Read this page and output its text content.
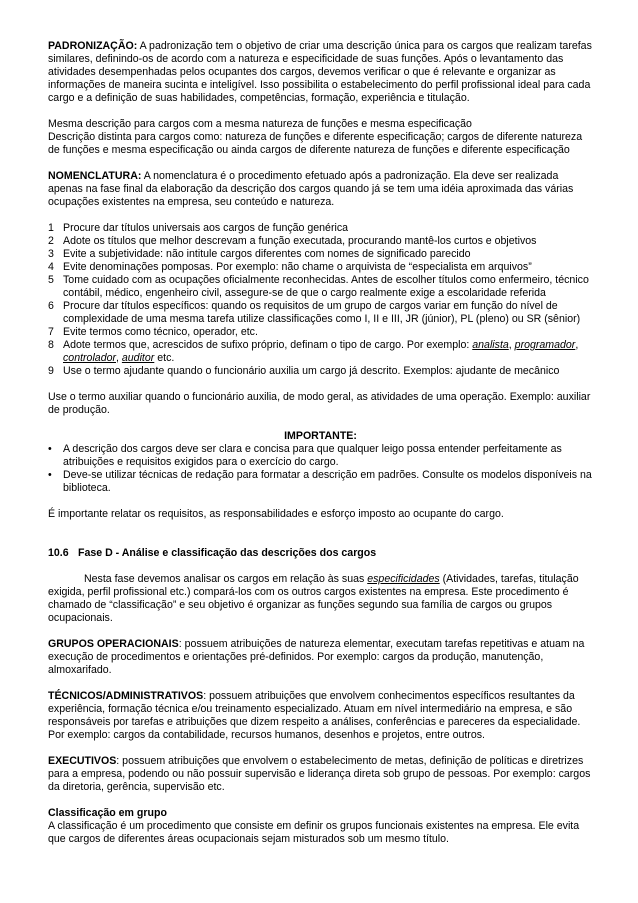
PADRONIZAÇÃO: A padronização tem o objetivo de criar uma descrição única para os cargos que realizam tarefas similares, definindo-os de acordo com a natureza e especificidade de suas funções. Após o levantamento das atividades desempenhadas pelos ocupantes dos cargos, devemos verificar o que é relevante e organizar as informações de maneira sucinta e inteligível. Isso possibilita o estabelecimento do perfil profissional ideal para cada cargo e a definição de suas habilidades, competências, formação, experiência e titulação.

Mesma descrição para cargos com a mesma natureza de funções e mesma especificação

Descrição distinta para cargos como: natureza de funções e diferente especificação; cargos de diferente natureza de funções e mesma especificação ou ainda cargos de diferente natureza de funções e diferente especificação

NOMENCLATURA: A nomenclatura é o procedimento efetuado após a padronização. Ela deve ser realizada apenas na fase final da elaboração da descrição dos cargos quando já se tem uma idéia aproximada das várias ocupações existentes na empresa, seu conteúdo e natureza.

1 Procure dar títulos universais aos cargos de função genérica
2 Adote os títulos que melhor descrevam a função executada, procurando mantê-los curtos e objetivos
3 Evite a subjetividade: não intitule cargos diferentes com nomes de significado parecido
4 Evite denominações pomposas. Por exemplo: não chame o arquivista de “especialista em arquivos”
5 Tome cuidado com as ocupações oficialmente reconhecidas. Antes de escolher títulos como enfermeiro, técnico contábil, médico, engenheiro civil, assegure-se de que o cargo realmente exige a escolaridade referida
6 Procure dar títulos específicos: quando os requisitos de um grupo de cargos variar em função do nível de complexidade de uma mesma tarefa utilize classificações como I, II e III, JR (júnior), PL (pleno) ou SR (sênior)
7 Evite termos como técnico, operador, etc.
8 Adote termos que, acrescidos de sufixo próprio, definam o tipo de cargo. Por exemplo: analista, programador, controlador, auditor etc.
9 Use o termo ajudante quando o funcionário auxilia um cargo já descrito. Exemplos: ajudante de mecânico

Use o termo auxiliar quando o funcionário auxilia, de modo geral, as atividades de uma operação. Exemplo: auxiliar de produção.

IMPORTANTE:

•	A descrição dos cargos deve ser clara e concisa para que qualquer leigo possa entender perfeitamente as atribuições e requisitos exigidos para o exercício do cargo.
•	Deve-se utilizar técnicas de redação para formatar a descrição em padrões. Consulte os modelos disponíveis na biblioteca.

É importante relatar os requisitos, as responsabilidades e esforço imposto ao ocupante do cargo.

10.6 Fase D - Análise e classificação das descrições dos cargos

Nesta fase devemos analisar os cargos em relação às suas especificidades (Atividades, tarefas, titulação exigida, perfil profissional etc.) compará-los com os outros cargos existentes na empresa. Este procedimento é chamado de “classificação” e seu objetivo é organizar as funções segundo sua família de cargos ou grupos ocupacionais.

GRUPOS OPERACIONAIS: possuem atribuições de natureza elementar, executam tarefas repetitivas e atuam na execução de procedimentos e orientações pré-definidos. Por exemplo: cargos da produção, manutenção, almoxarifado.

TÉCNICOS/ADMINISTRATIVOS: possuem atribuições que envolvem conhecimentos específicos resultantes da experiência, formação técnica e/ou treinamento especializado. Atuam em nível intermediário na empresa, e são responsáveis por tarefas e atribuições que dizem respeito a análises, conferências e pareceres da especialidade. Por exemplo: cargos da contabilidade, recursos humanos, desenhos e projetos, entre outros.

EXECUTIVOS: possuem atribuições que envolvem o estabelecimento de metas, definição de políticas e diretrizes para a empresa, podendo ou não possuir supervisão e liderança direta sob grupo de pessoas. Por exemplo: cargos da diretoria, gerência, supervisão etc.

Classificação em grupo

A classificação é um procedimento que consiste em definir os grupos funcionais existentes na empresa. Ele evita que cargos de diferentes áreas ocupacionais sejam misturados sob um mesmo título.
